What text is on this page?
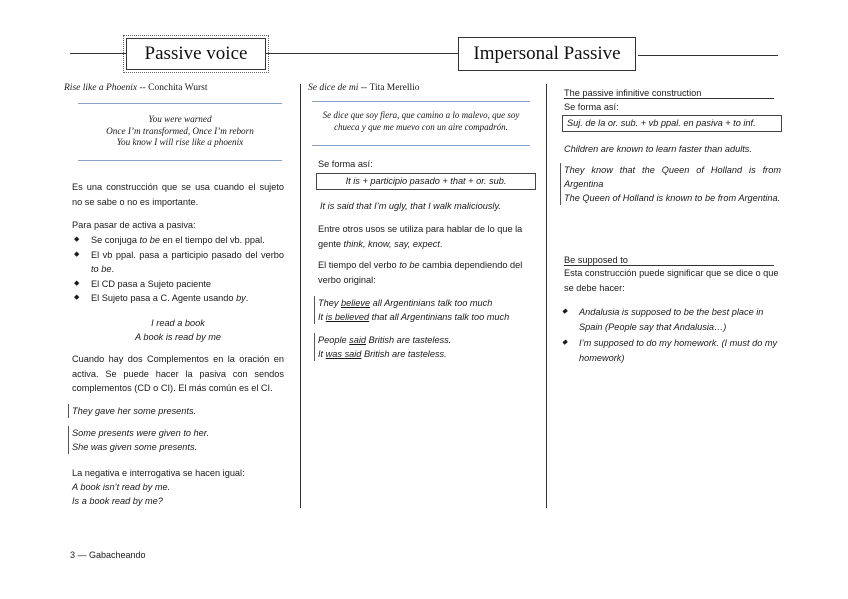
Passive voice	Impersonal Passive
Rise like a Phoenix -- Conchita Wurst
You were warned
Once I’m transformed, Once I’m reborn
You know I will rise like a phoenix
Es una construcción que se usa cuando el sujeto no se sabe o no es importante.
Para pasar de activa a pasiva:
◆ Se conjuga to be en el tiempo del vb. ppal.
◆ El vb ppal. pasa a participio pasado del verbo to be.
◆ El CD pasa a Sujeto paciente
◆ El Sujeto pasa a C. Agente usando by.
I read a book
A book is read by me
Cuando hay dos Complementos en la oración en activa. Se puede hacer la pasiva con sendos complementos (CD o CI). El más común es el CI.
They gave her some presents.
Some presents were given to her.
She was given some presents.
La negativa e interrogativa se hacen igual:
A book isn’t read by me.
Is a book read by me?
Se dice de mi -- Tita Merellio
Se dice que soy fiera, que camino a lo malevo, que soy chueca y que me muevo con un aire compadrón.
Se forma así:
It is + participio pasado + that + or. sub.
It is said that I’m ugly, that I walk maliciously.
Entre otros usos se utiliza para hablar de lo que la gente think, know, say, expect.
El tiempo del verbo to be cambia dependiendo del verbo original:
They believe all Argentinians talk too much
It is believed that all Argentinians talk too much
People said British are tasteless.
It was said British are tasteless.
The passive infinitive construction
Se forma así:
Suj. de la or. sub. + vb ppal. en pasiva + to inf.
Children are known to learn faster than adults.
They know that the Queen of Holland is from Argentina
The Queen of Holland is known to be from Argentina.
Be supposed to
Esta construcción puede significar que se dice o que se debe hacer:
◆ Andalusia is supposed to be the best place in Spain (People say that Andalusia…)
◆ I’m supposed to do my homework. (I must do my homework)
3 — Gabacheando
